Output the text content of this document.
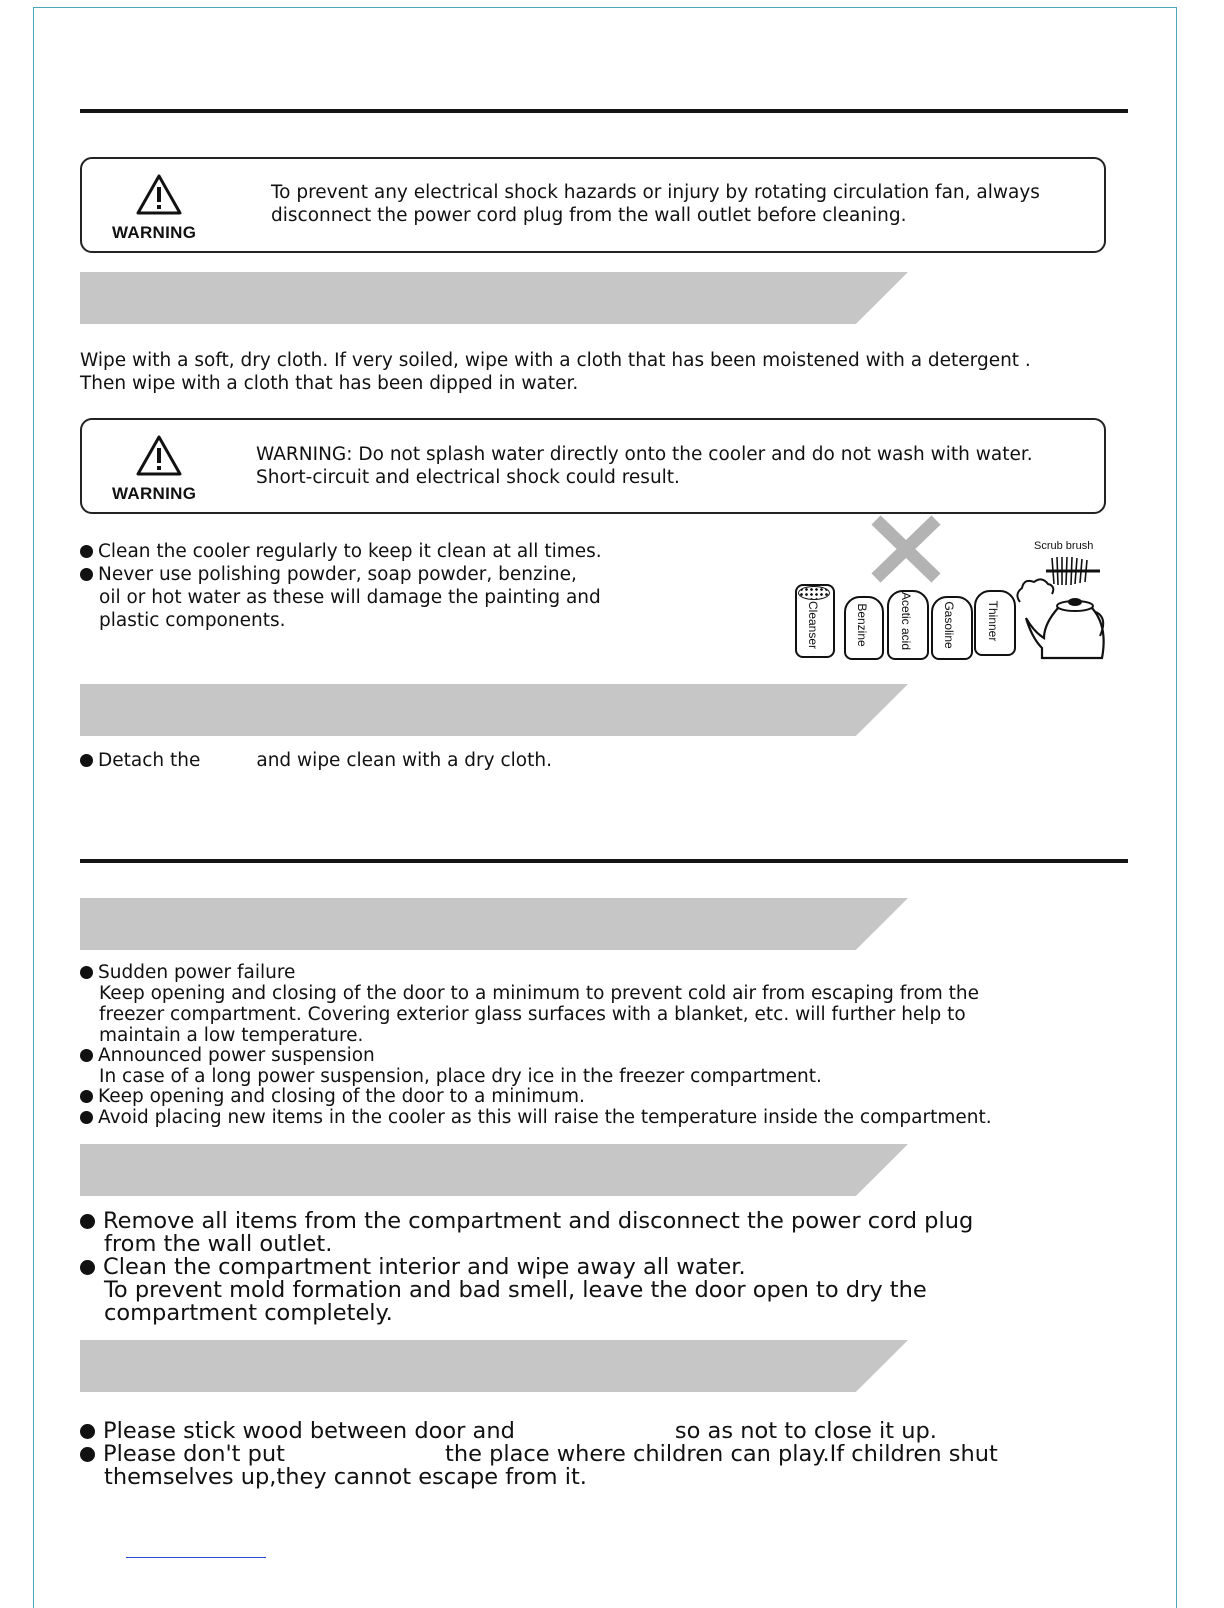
WARNING
To prevent any electrical shock hazards or injury by rotating circulation fan, always
disconnect the power cord plug from the wall outlet before cleaning.
Wipe with a soft, dry cloth. If very soiled, wipe with a cloth that has been moistened with a detergent .
Then wipe with a cloth that has been dipped in water.
WARNING
WARNING: Do not splash water directly onto the cooler and do not wash with water.
Short-circuit and electrical shock could result.
Clean the cooler regularly to keep it clean at all times.
Never use polishing powder, soap powder, benzine,
oil or hot water as these will damage the painting and
plastic components.
Scrub brush
Cleanser	Benzine	Acetic acid Gasoline	Thinner
Detach the	and wipe clean with a dry cloth.
Sudden power failure
Keep opening and closing of the door to a minimum to prevent cold air from escaping from the
freezer compartment. Covering exterior glass surfaces with a blanket, etc. will further help to
maintain a low temperature.
Announced power suspension
In case of a long power suspension, place dry ice in the freezer compartment.
Keep opening and closing of the door to a minimum.
Avoid placing new items in the cooler as this will raise the temperature inside the compartment.
Remove all items from the compartment and disconnect the power cord plug
from the wall outlet.
Clean the compartment interior and wipe away all water.
To prevent mold formation and bad smell, leave the door open to dry the
compartment completely.
Please stick wood between door and	so as not to close it up.
Please don't put	the place where children can play.If children shut
themselves up,they cannot escape from it.
